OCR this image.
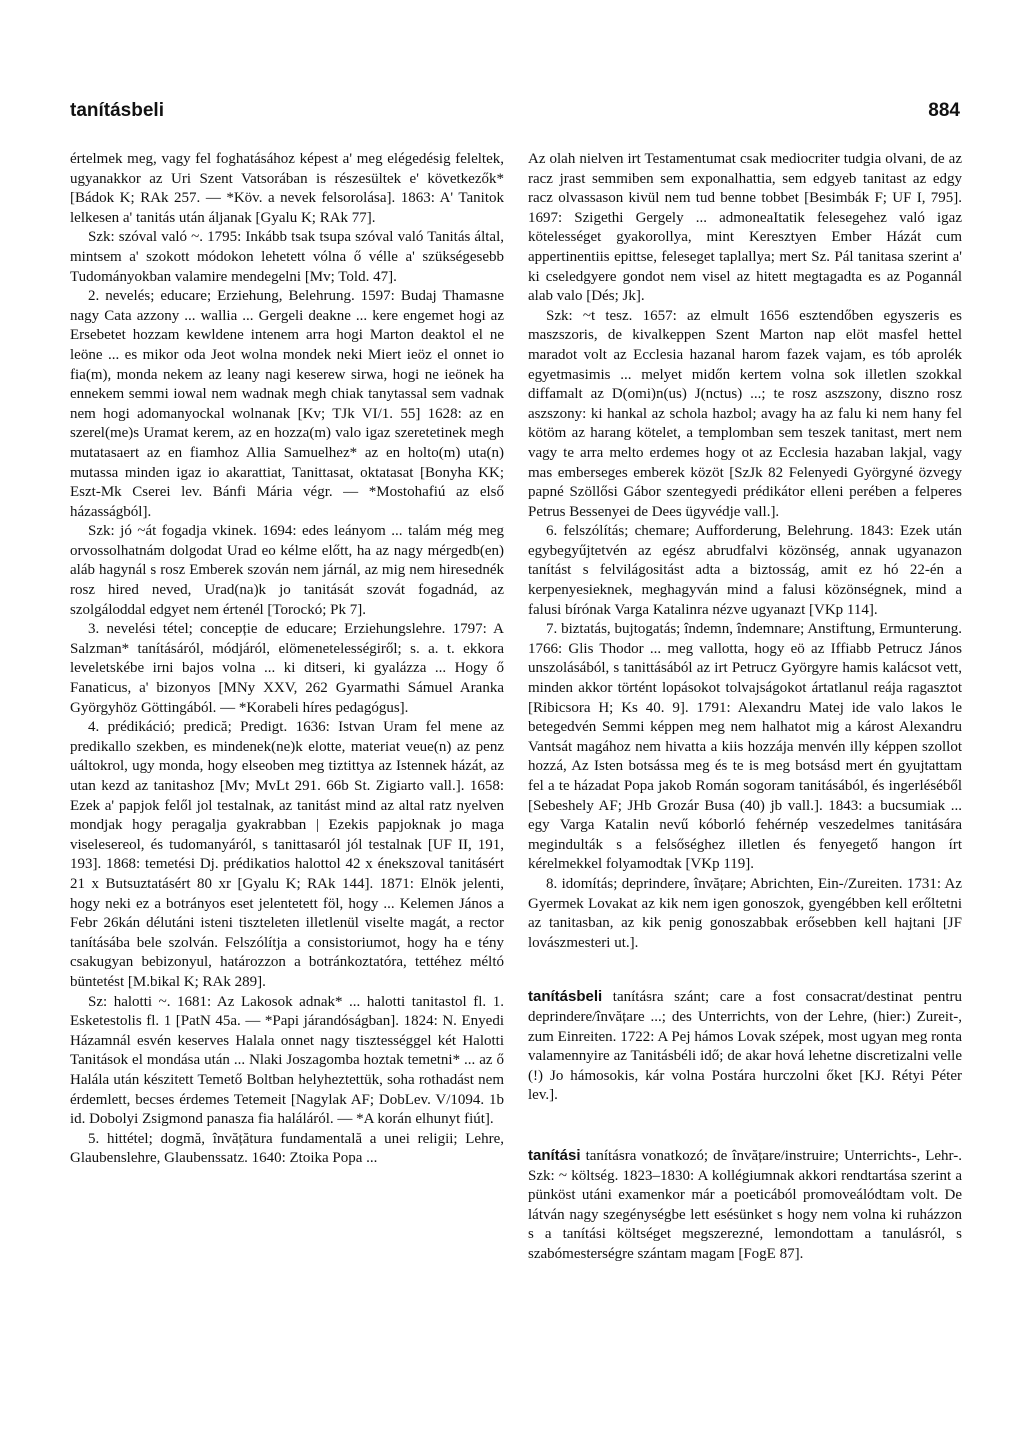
tanításbeli	884

értelmek meg, vagy fel foghatásához képest a' meg elégedésig feleltek, ugyanakkor az Uri Szent Vatsorában is részesültek e' következők* [Bádok K; RAk 257. — *Köv. a nevek felsorolása]. 1863: A' Tanitok lelkesen a' tanitás után áljanak [Gyalu K; RAk 77].

Szk: szóval való ~. 1795: Inkább tsak tsupa szóval való Tanitás által, mintsem a' szokott módokon lehetett vólna ő vélle a' szükségesebb Tudományokban valamire mendegelni [Mv; Told. 47].

2. nevelés; educare; Erziehung, Belehrung. 1597: Budaj Thamasne nagy Cata azzony ... wallia ... Gergeli deakne ... kere engemet hogi az Ersebetet hozzam kewldene intenem arra hogi Marton deaktol el ne leöne ... es mikor oda Jeot wolna mondek neki Miert ieöz el onnet io fia(m), monda nekem az leany nagi keserew sirwa, hogi ne ieönek ha ennekem semmi iowal nem wadnak megh chiak tanytassal sem vadnak nem hogi adomanyockal wolnanak [Kv; TJk VI/1. 55] 1628: az en szerel(me)s Uramat kerem, az en hozza(m) valo igaz szeretetinek megh mutatasaert az en fiamhoz Allia Samuelhez* az en holto(m) uta(n) mutassa minden igaz io akarattiat, Tanittasat, oktatasat [Bonyha KK; Eszt-Mk Cserei lev. Bánfi Mária végr. — *Mostohafiú az első házasságból].

Szk: jó ~át fogadja vkinek. 1694: edes leányom ... talám még meg orvossolhatnám dolgodat Urad eo kélme előtt, ha az nagy mérgedb(en) aláb hagynál s rosz Emberek szován nem járnál, az mig nem hiresednék rosz hired neved, Urad(na)k jo tanitását szovát fogadnád, az szolgáloddal edgyet nem értenél [Torockó; Pk 7].

3. nevelési tétel; concepție de educare; Erziehungslehre. 1797: A Salzman* tanításáról, módjáról, elömenetelességiről; s. a. t. ekkora leveletskébe irni bajos volna ... ki ditseri, ki gyalázza ... Hogy ő Fanaticus, a' bizonyos [MNy XXV, 262 Gyarmathi Sámuel Aranka Györgyhöz Göttingából. — *Korabeli híres pedagógus].

4. prédikáció; predică; Predigt. 1636: Istvan Uram fel mene az predikallo szekben, es mindenek(ne)k elotte, materiat veue(n) az penz uáltokrol, ugy monda, hogy elseoben meg tiztittya az Istennek házát, az utan kezd az tanitashoz [Mv; MvLt 291. 66b St. Zigiarto vall.]. 1658: Ezek a' papjok felől jol testalnak, az tanitást mind az altal ratz nyelven mondjak hogy peragalja gyakrabban | Ezekis papjoknak jo maga viselesereol, és tudomanyáról, s tanittasaról jól testalnak [UF II, 191, 193]. 1868: temetési Dj. prédikatios halottol 42 x énekszoval tanitásért 21 x Butsuztatásért 80 xr [Gyalu K; RAk 144]. 1871: Elnök jelenti, hogy neki ez a botrányos eset jelentetett föl, hogy ... Kelemen János a Febr 26kán délutáni isteni tiszteleten illetlenül viselte magát, a rector tanításába bele szolván. Felszólítja a consistoriumot, hogy ha e tény csakugyan bebizonyul, határozzon a botránkoztatóra, tettéhez méltó büntetést [M.bikal K; RAk 289].

Sz: halotti ~. 1681: Az Lakosok adnak* ... halotti tanitastol fl. 1. Esketestolis fl. 1 [PatN 45a. — *Papi járandóságban]. 1824: N. Enyedi Házamnál esvén keserves Halala onnet nagy tisztességgel két Halotti Tanitások el mondása után ... Nlaki Joszagomba hoztak temetni* ... az ő Halála után készitett Temető Boltban helyheztettük, soha rothadást nem érdemlett, becses érdemes Tetemeit [Nagylak AF; DobLev. V/1094. 1b id. Dobolyi Zsigmond panasza fia haláláról. — *A korán elhunyt fiút].

5. hittétel; dogmă, învățătura fundamentală a unei religii; Lehre, Glaubenslehre, Glaubenssatz. 1640: Ztoika Popa ...

Az olah nielven irt Testamentumat csak mediocriter tudgia olvani, de az racz jrast semmiben sem exponalhattia, sem edgyeb tanitast az edgy racz olvassason kivül nem tud benne tobbet [Besimbák F; UF I, 795]. 1697: Szigethi Gergely ... admoneaItatik felesegehez való igaz kötelességet gyakorollya, mint Keresztyen Ember Házát cum appertinentiis epittse, feleseget taplallya; mert Sz. Pál tanitasa szerint a' ki cseledgyere gondot nem visel az hitett megtagadta es az Pogannál alab valo [Dés; Jk].

Szk: ~t tesz. 1657: az elmult 1656 esztendőben egyszeris es maszszoris, de kivalkeppen Szent Marton nap elöt masfel hettel maradot volt az Ecclesia hazanal harom fazek vajam, es tób aprolék egyetmasimis ... melyet midőn kertem volna sok illetlen szokkal diffamalt az D(omi)n(us) J(nctus) ...; te rosz aszszony, diszno rosz aszszony: ki hankal az schola hazbol; avagy ha az falu ki nem hany fel kötöm az harang kötelet, a templomban sem teszek tanitast, mert nem vagy te arra melto erdemes hogy ot az Ecclesia hazaban lakjal, vagy mas emberseges emberek közöt [SzJk 82 Felenyedi Györgyné özvegy papné Szöllősi Gábor szentegyedi prédikátor elleni perében a felperes Petrus Bessenyei de Dees ügyvédje vall.].

6. felszólítás; chemare; Aufforderung, Belehrung. 1843: Ezek után egybegyűjtetvén az egész abrudfalvi közönség, annak ugyanazon tanítást s felvilágositást adta a biztosság, amit ez hó 22-én a kerpenyesieknek, meghagyván mind a falusi közönségnek, mind a falusi bírónak Varga Katalinra nézve ugyanazt [VKp 114].

7. biztatás, bujtogatás; îndemn, îndemnare; Anstiftung, Ermunterung. 1766: Glis Thodor ... meg vallotta, hogy eö az Iffiabb Petrucz János unszolásából, s tanittásából az irt Petrucz Györgyre hamis kalácsot vett, minden akkor történt lopásokot tolvajságokot ártatlanul reája ragasztot [Ribicsora H; Ks 40. 9]. 1791: Alexandru Matej ide valo lakos le betegedvén Semmi képpen meg nem halhatot mig a károst Alexandru Vantsát magához nem hivatta a kiis hozzája menvén illy képpen szollot hozzá, Az Isten botsássa meg és te is meg botsásd mert én gyujtattam fel a te házadat Popa jakob Román sogoram tanitásából, és ingerléséből [Sebeshely AF; JHb Grozár Busa (40) jb vall.]. 1843: a bucsumiak ... egy Varga Katalin nevű kóborló fehérnép veszedelmes tanitására megindulták s a felsőséghez illetlen és fenyegető hangon írt kérelmekkel folyamodtak [VKp 119].

8. idomítás; deprindere, învățare; Abrichten, Ein-/Zureiten. 1731: Az Gyermek Lovakat az kik nem igen gonoszok, gyengébben kell erőltetni az tanitasban, az kik penig gonoszabbak erősebben kell hajtani [JF lovászmesteri ut.].

tanításbeli tanításra szánt; care a fost consacrat/destinat pentru deprindere/învățare ...; des Unterrichts, von der Lehre, (hier:) Zureit-, zum Einreiten. 1722: A Pej hámos Lovak szépek, most ugyan meg ronta valamennyire az Tanitásbéli idő; de akar hová lehetne discretizalni velle (!) Jo hámosokis, kár volna Postára hurczolni őket [KJ. Rétyi Péter lev.].

tanítási tanításra vonatkozó; de învățare/instruire; Unterrichts-, Lehr-. Szk: ~ költség. 1823–1830: A kollégiumnak akkori rendtartása szerint a pünköst utáni examenkor már a poeticából promoveálódtam volt. De látván nagy szegénységbe lett esésünket s hogy nem volna ki ruházzon s a tanítási költséget megszerezné, lemondottam a tanulásról, s szabómesterségre szántam magam [FogE 87].
